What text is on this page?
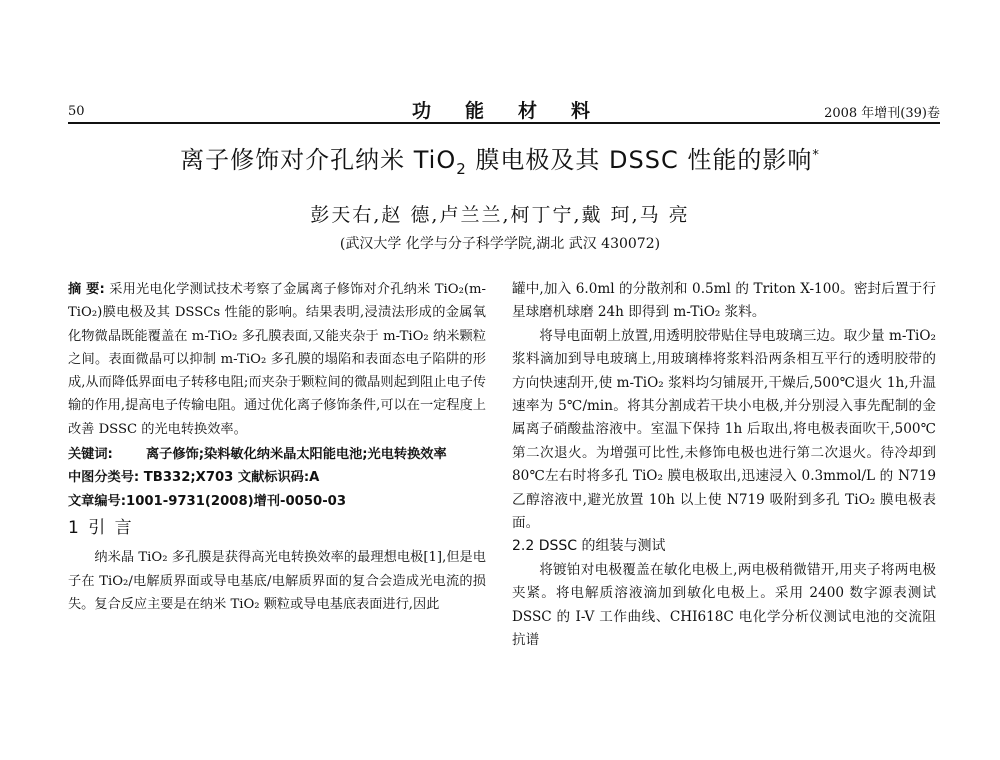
50	功能材料	2008 年增刊(39)卷
离子修饰对介孔纳米 TiO$_2$ 膜电极及其 DSSC 性能的影响*
彭天右,赵 德,卢兰兰,柯丁宁,戴 珂,马 亮
(武汉大学 化学与分子科学学院,湖北 武汉 430072)

摘 要: 采用光电化学测试技术考察了金属离子修饰对介孔纳米 TiO₂(m-TiO₂)膜电极及其 DSSCs 性能的影响。结果表明,浸渍法形成的金属氧化物微晶既能覆盖在 m-TiO₂ 多孔膜表面,又能夹杂于 m-TiO₂ 纳米颗粒之间。表面微晶可以抑制 m-TiO₂ 多孔膜的塌陷和表面态电子陷阱的形成,从而降低界面电子转移电阻;而夹杂于颗粒间的微晶则起到阻止电子传输的作用,提高电子传输电阻。通过优化离子修饰条件,可以在一定程度上改善 DSSC 的光电转换效率。

关键词:	离子修饰;染料敏化纳米晶太阳能电池;光电转换效率

中图分类号: TB332;X703 文献标识码:A

文章编号:1001-9731(2008)增刊-0050-03

1 引 言

纳米晶 TiO₂ 多孔膜是获得高光电转换效率的最理想电极[1],但是电子在 TiO₂/电解质界面或导电基底/电解质界面的复合会造成光电流的损失。复合反应主要是在纳米 TiO₂ 颗粒或导电基底表面进行,因此

罐中,加入 6.0ml 的分散剂和 0.5ml 的 Triton X-100。密封后置于行星球磨机球磨 24h 即得到 m-TiO₂ 浆料。

将导电面朝上放置,用透明胶带贴住导电玻璃三边。取少量 m-TiO₂ 浆料滴加到导电玻璃上,用玻璃棒将浆料沿两条相互平行的透明胶带的方向快速刮开,使 m-TiO₂ 浆料均匀铺展开,干燥后,500℃退火 1h,升温速率为 5℃/min。将其分割成若干块小电极,并分别浸入事先配制的金属离子硝酸盐溶液中。室温下保持 1h 后取出,将电极表面吹干,500℃第二次退火。为增强可比性,未修饰电极也进行第二次退火。待冷却到 80℃左右时将多孔 TiO₂ 膜电极取出,迅速浸入 0.3mmol/L 的 N719 乙醇溶液中,避光放置 10h 以上使 N719 吸附到多孔 TiO₂ 膜电极表面。

2.2 DSSC 的组装与测试

将镀铂对电极覆盖在敏化电极上,两电极稍微错开,用夹子将两电极夹紧。将电解质溶液滴加到敏化电极上。采用 2400 数字源表测试 DSSC 的 I-V 工作曲线、CHI618C 电化学分析仪测试电池的交流阻抗谱
